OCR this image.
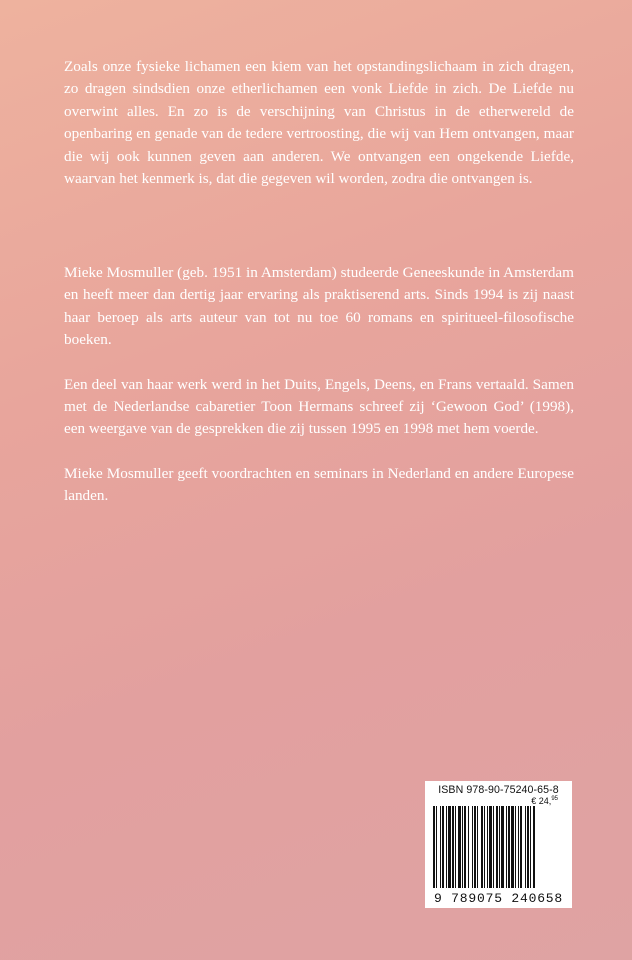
Zoals onze fysieke lichamen een kiem van het opstandingslichaam in zich dragen, zo dragen sindsdien onze etherlichamen een vonk Liefde in zich. De Liefde nu overwint alles. En zo is de verschijning van Christus in de etherwereld de openbaring en genade van de tedere vertroosting, die wij van Hem ontvangen, maar die wij ook kunnen geven aan anderen. We ontvangen een ongekende Liefde, waarvan het kenmerk is, dat die gegeven wil worden, zodra die ontvangen is.

Mieke Mosmuller (geb. 1951 in Amsterdam) studeerde Geneeskunde in Amsterdam en heeft meer dan dertig jaar ervaring als praktiserend arts. Sinds 1994 is zij naast haar beroep als arts auteur van tot nu toe 60 romans en spiritueel-filosofische boeken.

Een deel van haar werk werd in het Duits, Engels, Deens, en Frans vertaald. Samen met de Nederlandse cabaretier Toon Hermans schreef zij ‘Gewoon God’ (1998), een weergave van de gesprekken die zij tussen 1995 en 1998 met hem voerde.

Mieke Mosmuller geeft voordrachten en seminars in Nederland en andere Europese landen.

ISBN 978-90-75240-65-8
€ 24,95
9 789075 240658
